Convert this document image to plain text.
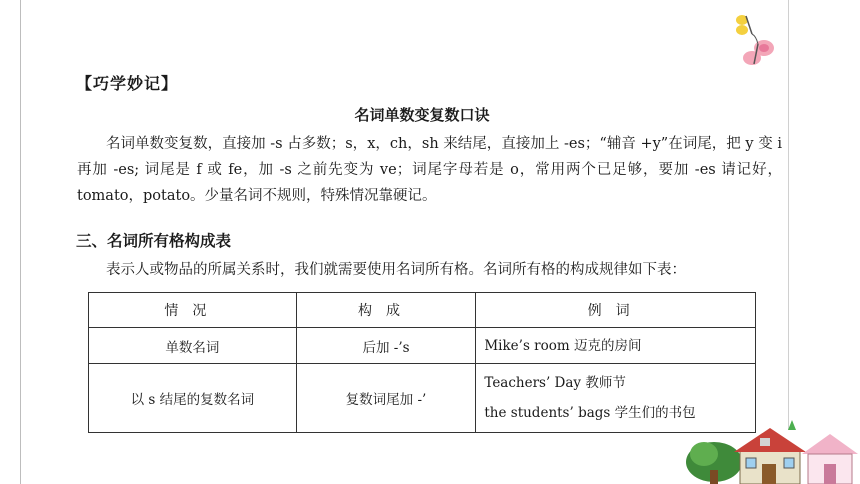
【巧学妙记】
名词单数变复数口诀
名词单数变复数，直接加 -s 占多数；s，x，ch，sh 来结尾，直接加上 -es；“辅音 +y”在词尾，把 y 变 i 再加 -es; 词尾是 f 或 fe，加 -s 之前先变为 ve；词尾字母若是 o，常用两个已足够，要加 -es 请记好，tomato，potato。少量名词不规则，特殊情况靠硬记。
三、名词所有格构成表
表示人或物品的所属关系时，我们就需要使用名词所有格。名词所有格的构成规律如下表：
情况	构成	例词
单数名词	后加 -’s	Mike’s room 迈克的房间

以 s 结尾的复数名词	复数词尾加 -’	Teachers’ Day 教师节
the students’ bags 学生们的书包
